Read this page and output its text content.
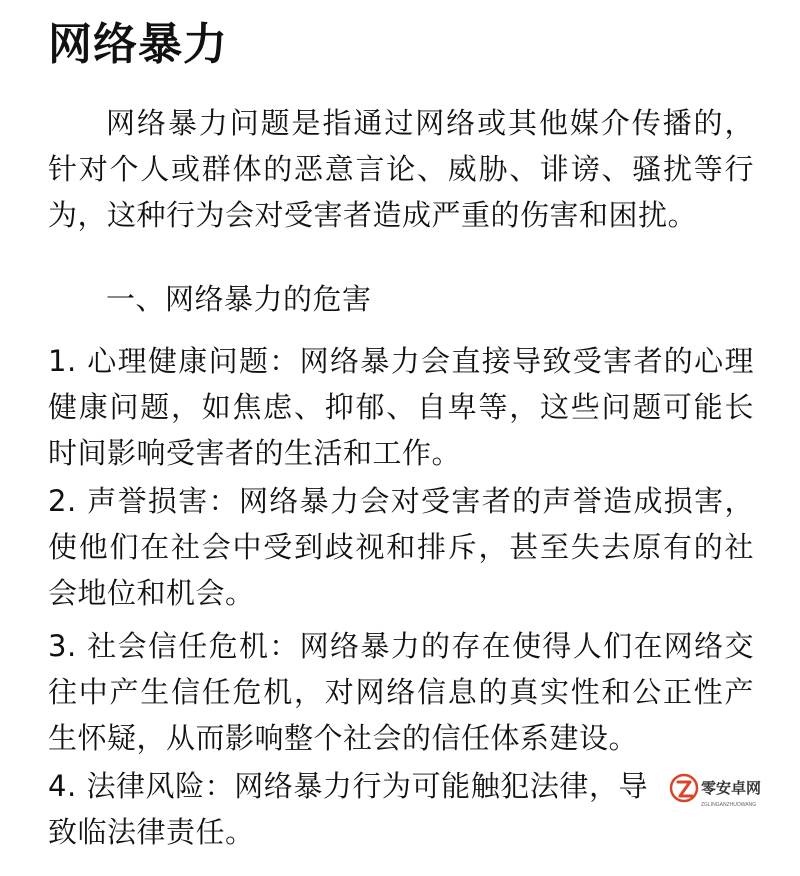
网络暴力

网络暴力问题是指通过网络或其他媒介传播的，针对个人或群体的恶意言论、威胁、诽谤、骚扰等行为，这种行为会对受害者造成严重的伤害和困扰。

一、网络暴力的危害

1. 心理健康问题：网络暴力会直接导致受害者的心理健康问题，如焦虑、抑郁、自卑等，这些问题可能长时间影响受害者的生活和工作。

2. 声誉损害：网络暴力会对受害者的声誉造成损害，使他们在社会中受到歧视和排斥，甚至失去原有的社会地位和机会。

3. 社会信任危机：网络暴力的存在使得人们在网络交往中产生信任危机，对网络信息的真实性和公正性产生怀疑，从而影响整个社会的信任体系建设。

4. 法律风险：网络暴力行为可能触犯法律，导致临法律责任。

零安卓网
ZGLINGANZHUOWANG
